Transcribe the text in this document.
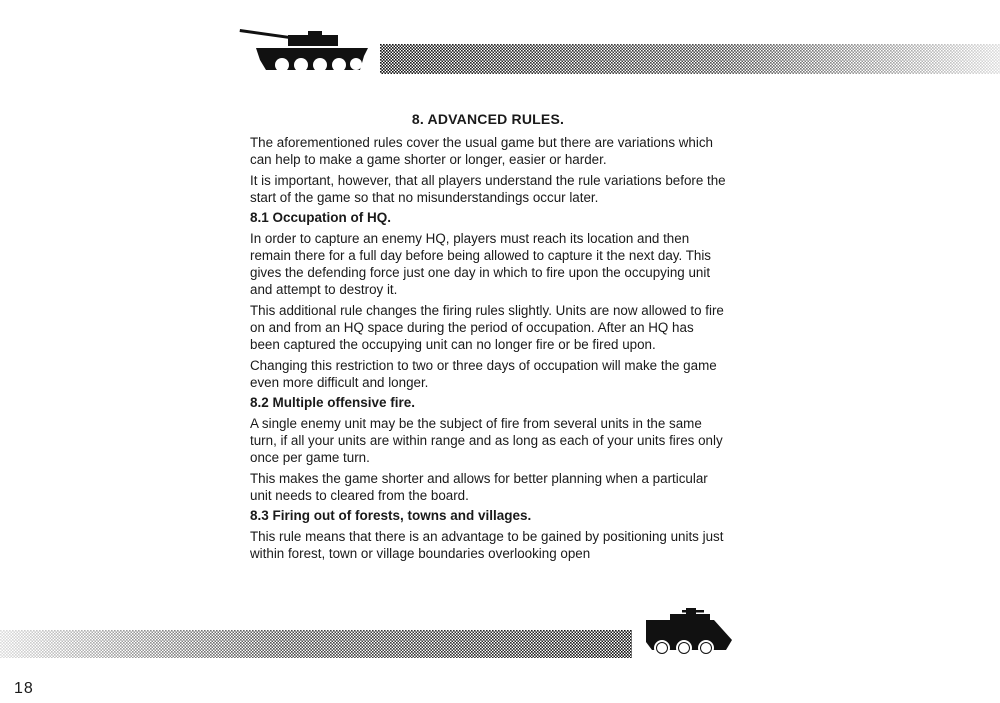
8. ADVANCED RULES.

The aforementioned rules cover the usual game but there are variations which can help to make a game shorter or longer, easier or harder.

It is important, however, that all players understand the rule variations before the start of the game so that no misunderstandings occur later.

8.1 Occupation of HQ.

In order to capture an enemy HQ, players must reach its location and then remain there for a full day before being allowed to capture it the next day. This gives the defending force just one day in which to fire upon the occupying unit and attempt to destroy it.

This additional rule changes the firing rules slightly. Units are now allowed to fire on and from an HQ space during the period of occupation. After an HQ has been captured the occupying unit can no longer fire or be fired upon.

Changing this restriction to two or three days of occupation will make the game even more difficult and longer.

8.2 Multiple offensive fire.

A single enemy unit may be the subject of fire from several units in the same turn, if all your units are within range and as long as each of your units fires only once per game turn.

This makes the game shorter and allows for better planning when a particular unit needs to cleared from the board.

8.3 Firing out of forests, towns and villages.

This rule means that there is an advantage to be gained by positioning units just within forest, town or village boundaries overlooking open

18
